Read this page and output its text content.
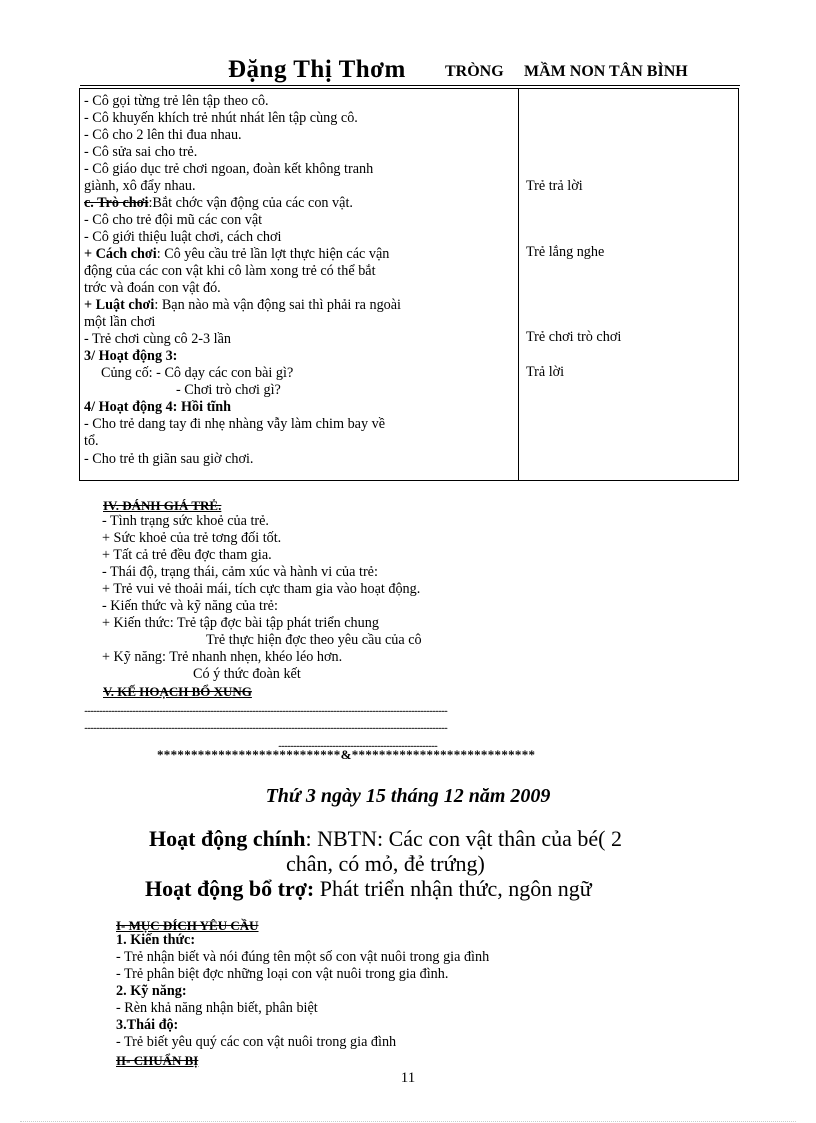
Đặng Thị Thơm TRÒNG MẦM NON TÂN BÌNH
- Cô gọi từng trẻ lên tập theo cô.
- Cô khuyến khích trẻ nhút nhát lên tập cùng cô.
- Cô cho 2 lên thi đua nhau.
- Cô sửa sai cho trẻ.
- Cô giáo dục trẻ chơi ngoan, đoàn kết không tranh
giành, xô đẩy nhau.
c. Trò chơi:Bắt chớc vận động của các con vật.
- Cô cho trẻ đội mũ các con vật
- Cô giới thiệu luật chơi, cách chơi
+ Cách chơi: Cô yêu cầu trẻ lần lợt thực hiện các vận
động của các con vật khi cô làm xong trẻ có thể bắt
trớc và đoán con vật đó.
+ Luật chơi: Bạn nào mà vận động sai thì phải ra ngoài
một lần chơi
- Trẻ chơi cùng cô 2-3 lần
3/ Hoạt động 3:
Củng cố: - Cô dạy các con bài gì?
- Chơi trò chơi gì?
4/ Hoạt động 4: Hồi tĩnh
- Cho trẻ dang tay đi nhẹ nhàng vẫy làm chim bay về
tổ.
- Cho trẻ th giãn sau giờ chơi.
Trẻ trả lời
Trẻ lắng nghe
Trẻ chơi trò chơi
Trả lời
IV. ĐÁNH GIÁ TRẺ.
- Tình trạng sức khoẻ của trẻ.
+ Sức khoẻ của trẻ tơng đối tốt.
+ Tất cả trẻ đều đợc tham gia.
- Thái độ, trạng thái, cảm xúc và hành vi của trẻ:
+ Trẻ vui vẻ thoải mái, tích cực tham gia vào hoạt động.
- Kiến thức và kỹ năng của trẻ:
+ Kiến thức: Trẻ tập đợc bài tập phát triển chung
Trẻ thực hiện đợc theo yêu cầu của cô
+ Kỹ năng: Trẻ nhanh nhẹn, khéo léo hơn.
Có ý thức đoàn kết
V. KẾ HOẠCH BỔ XUNG
..................................................................................................................................................................................................................................................
..................................................................................................................................................................................................................................................
..........................................................................................................
***************************&***************************
Thứ 3 ngày 15 tháng 12 năm 2009
Hoạt động chính: NBTN: Các con vật thân của bé( 2
chân, có mỏ, đẻ trứng)
Hoạt động bổ trợ: Phát triển nhận thức, ngôn ngữ
I- MỤC ĐÍCH YÊU CẦU
1. Kiến thức:
- Trẻ nhận biết và nói đúng tên một số con vật nuôi trong gia đình
- Trẻ phân biệt đợc những loại con vật nuôi trong gia đình.
2. Kỹ năng:
- Rèn khả năng nhận biết, phân biệt
3.Thái độ:
- Trẻ biết yêu quý các con vật nuôi trong gia đình
II- CHUẨN BỊ
11
